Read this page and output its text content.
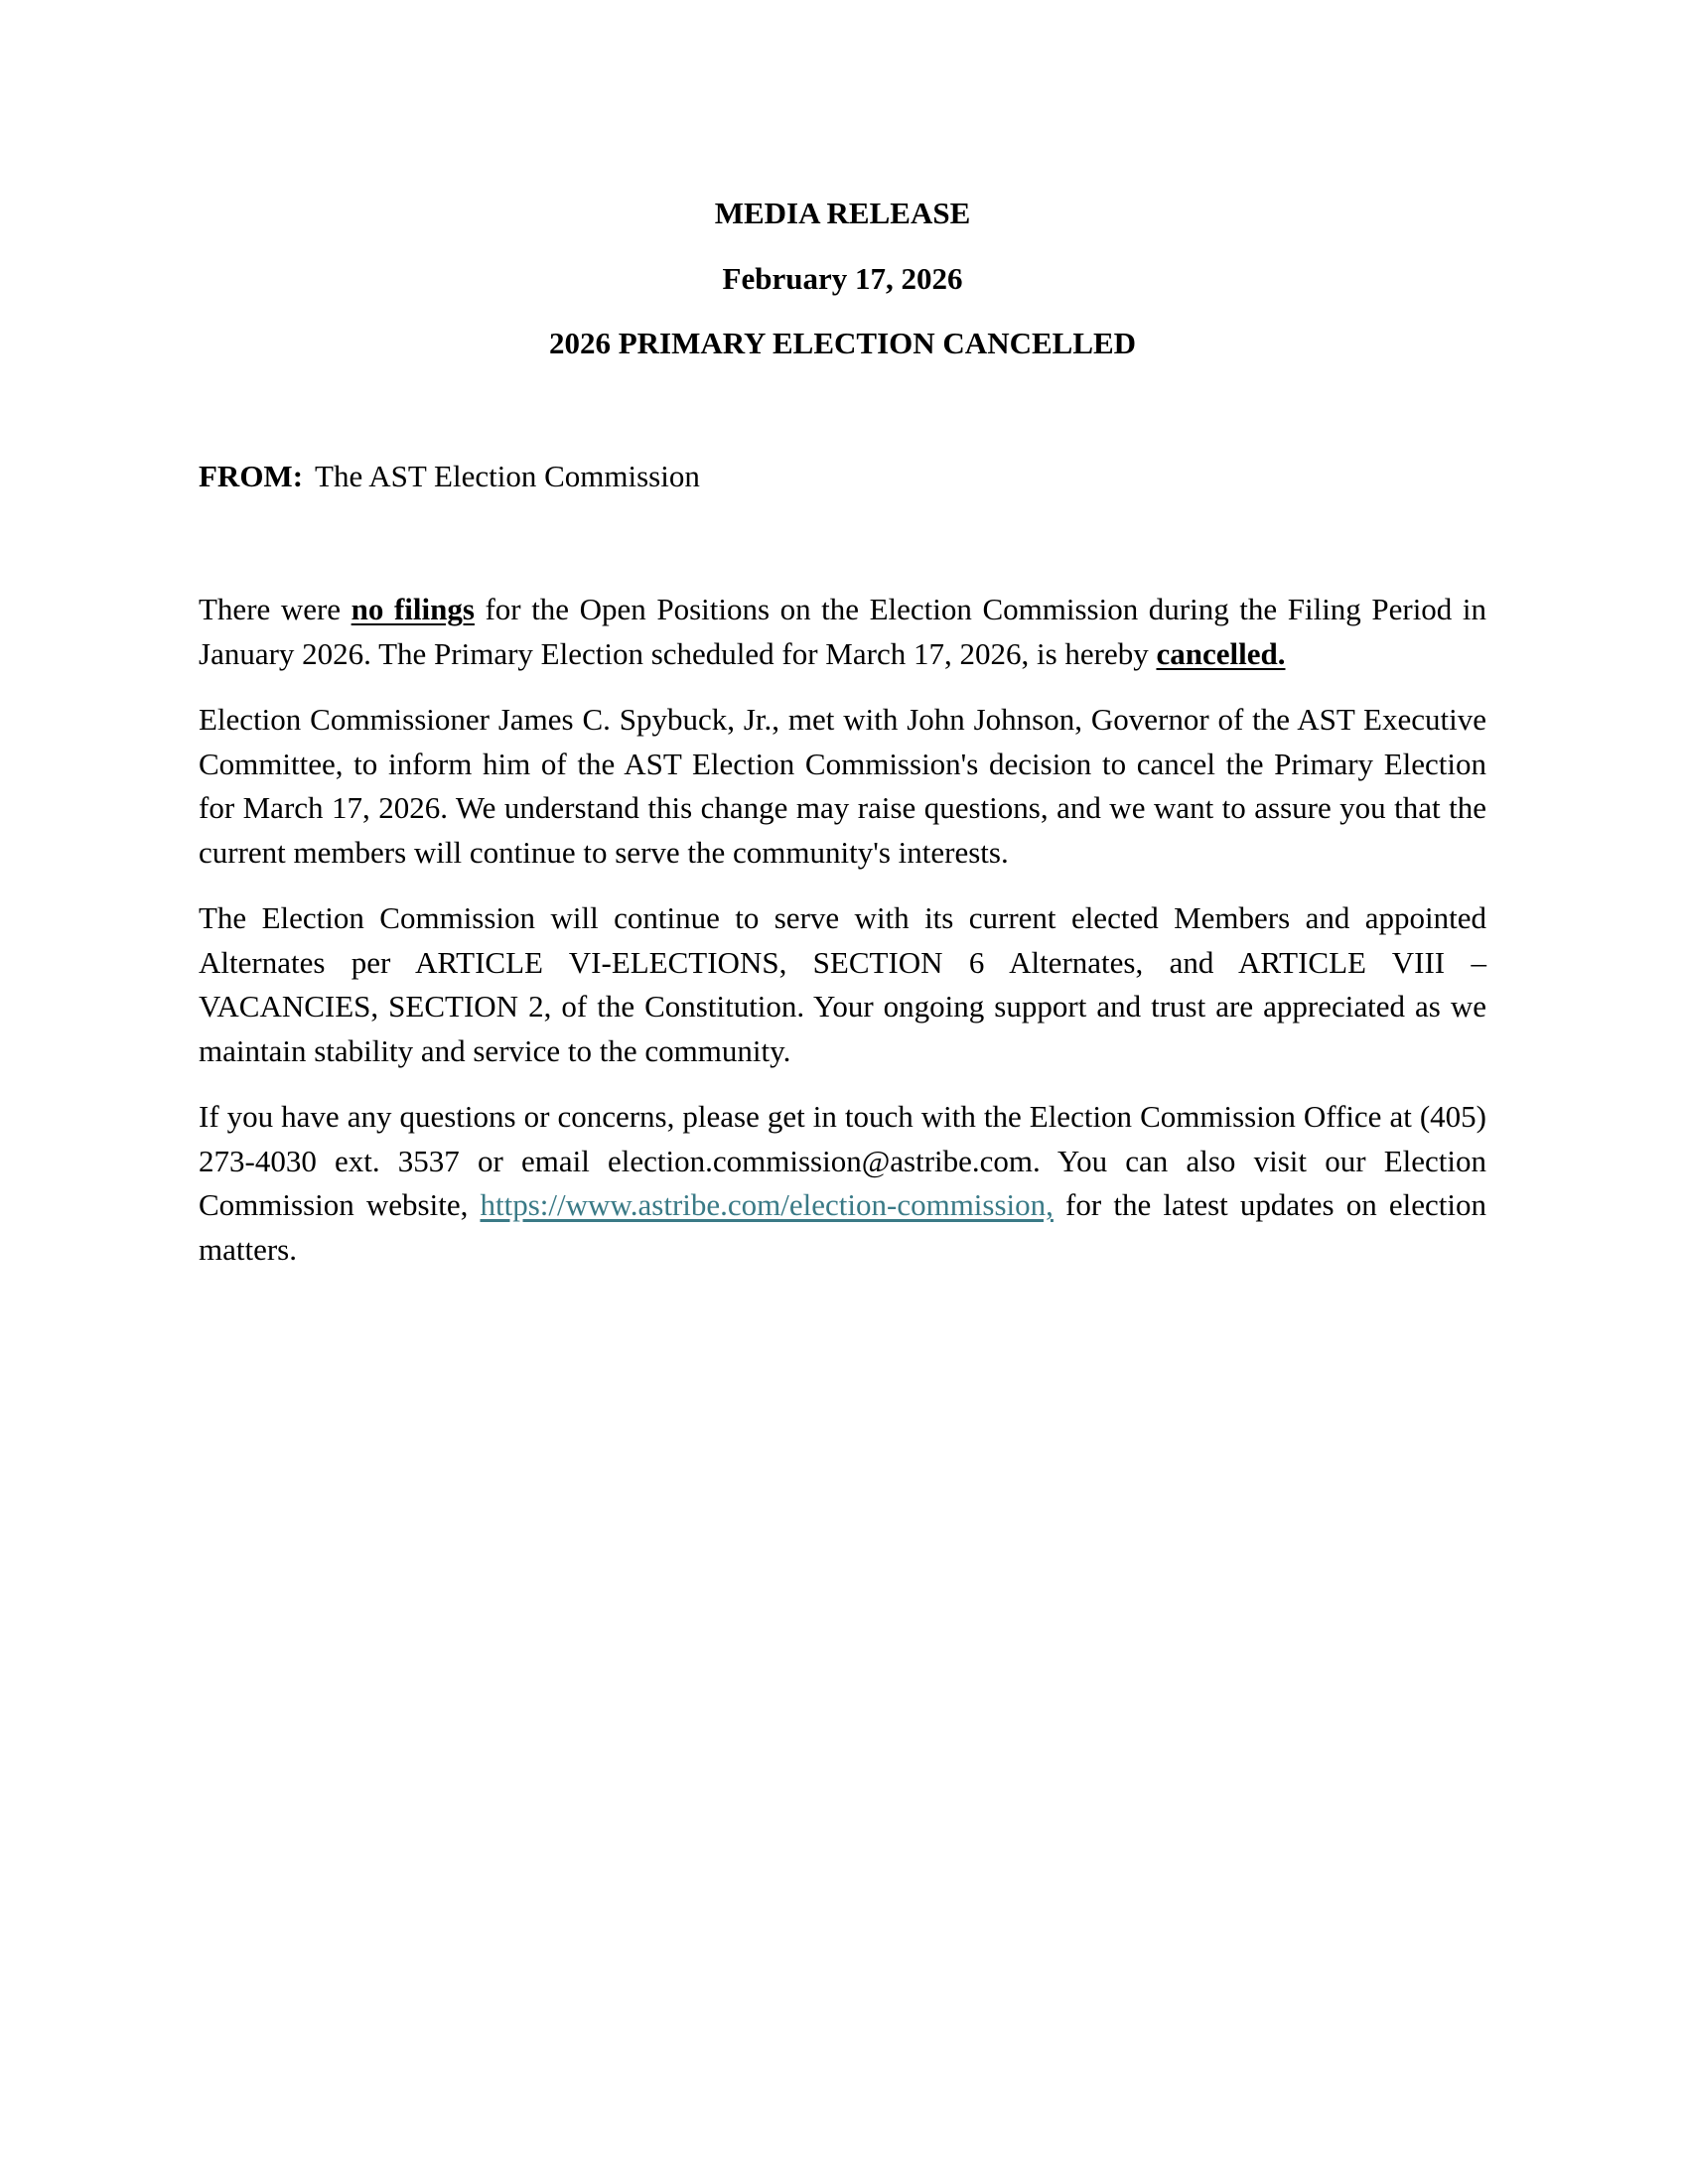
MEDIA RELEASE

February 17, 2026

2026 PRIMARY ELECTION CANCELLED

FROM: The AST Election Commission

There were no filings for the Open Positions on the Election Commission during the Filing Period in January 2026. The Primary Election scheduled for March 17, 2026, is hereby cancelled.

Election Commissioner James C. Spybuck, Jr., met with John Johnson, Governor of the AST Executive Committee, to inform him of the AST Election Commission's decision to cancel the Primary Election for March 17, 2026. We understand this change may raise questions, and we want to assure you that the current members will continue to serve the community's interests.

The Election Commission will continue to serve with its current elected Members and appointed Alternates per ARTICLE VI-ELECTIONS, SECTION 6 Alternates, and ARTICLE VIII – VACANCIES, SECTION 2, of the Constitution. Your ongoing support and trust are appreciated as we maintain stability and service to the community.

If you have any questions or concerns, please get in touch with the Election Commission Office at (405) 273-4030 ext. 3537 or email election.commission@astribe.com. You can also visit our Election Commission website, https://www.astribe.com/election-commission, for the latest updates on election matters.
